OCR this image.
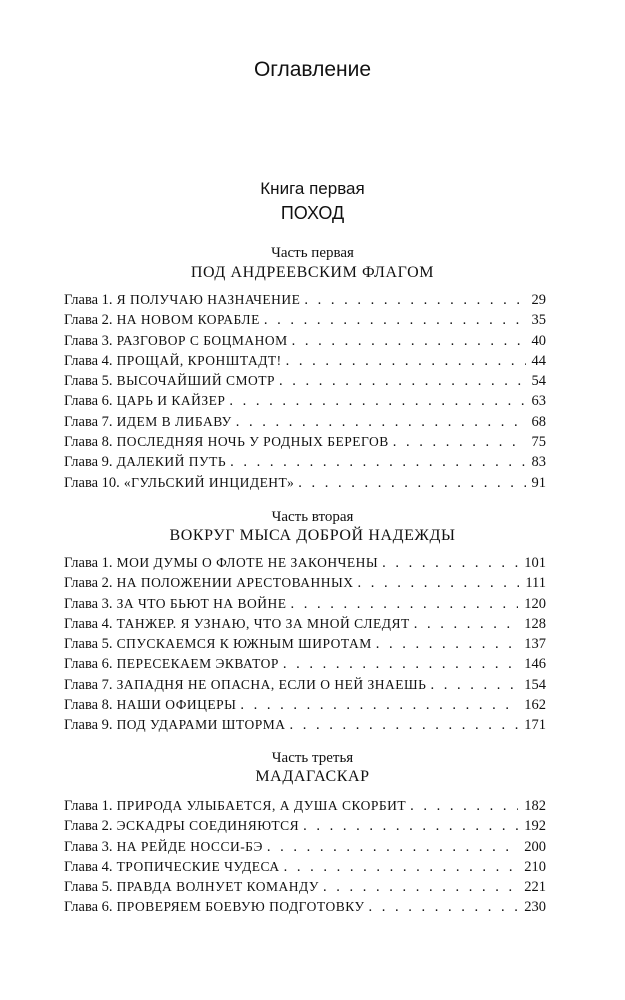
Оглавление
Книга первая
ПОХОД
Часть первая
ПОД АНДРЕЕВСКИМ ФЛАГОМ
Глава 1. Я ПОЛУЧАЮ НАЗНАЧЕНИЕ . . .	29
Глава 2. НА НОВОМ КОРАБЛЕ . . .	35
Глава 3. РАЗГОВОР С БОЦМАНОМ . . .	40
Глава 4. ПРОЩАЙ, КРОНШТАДТ! . . .	44
Глава 5. ВЫСОЧАЙШИЙ СМОТР . . .	54
Глава 6. ЦАРЬ И КАЙЗЕР . . .	63
Глава 7. ИДЕМ В ЛИБАВУ . . .	68
Глава 8. ПОСЛЕДНЯЯ НОЧЬ У РОДНЫХ БЕРЕГОВ . . .	75
Глава 9. ДАЛЕКИЙ ПУТЬ . . .	83
Глава 10. «ГУЛЬСКИЙ ИНЦИДЕНТ» . . .	91
Часть вторая
ВОКРУГ МЫСА ДОБРОЙ НАДЕЖДЫ
Глава 1. МОИ ДУМЫ О ФЛОТЕ НЕ ЗАКОНЧЕНЫ . . .	101
Глава 2. НА ПОЛОЖЕНИИ АРЕСТОВАННЫХ . . .	111
Глава 3. ЗА ЧТО БЬЮТ НА ВОЙНЕ . . .	120
Глава 4. ТАНЖЕР. Я УЗНАЮ, ЧТО ЗА МНОЙ СЛЕДЯТ . . .	128
Глава 5. СПУСКАЕМСЯ К ЮЖНЫМ ШИРОТАМ . . .	137
Глава 6. ПЕРЕСЕКАЕМ ЭКВАТОР . . .	146
Глава 7. ЗАПАДНЯ НЕ ОПАСНА, ЕСЛИ О НЕЙ ЗНАЕШЬ . . .	154
Глава 8. НАШИ ОФИЦЕРЫ . . .	162
Глава 9. ПОД УДАРАМИ ШТОРМА . . .	171
Часть третья
МАДАГАСКАР
Глава 1. ПРИРОДА УЛЫБАЕТСЯ, А ДУША СКОРБИТ . . .	182
Глава 2. ЭСКАДРЫ СОЕДИНЯЮТСЯ . . .	192
Глава 3. НА РЕЙДЕ НОССИ-БЭ . . .	200
Глава 4. ТРОПИЧЕСКИЕ ЧУДЕСА . . .	210
Глава 5. ПРАВДА ВОЛНУЕТ КОМАНДУ . . .	221
Глава 6. ПРОВЕРЯЕМ БОЕВУЮ ПОДГОТОВКУ . . .	230
